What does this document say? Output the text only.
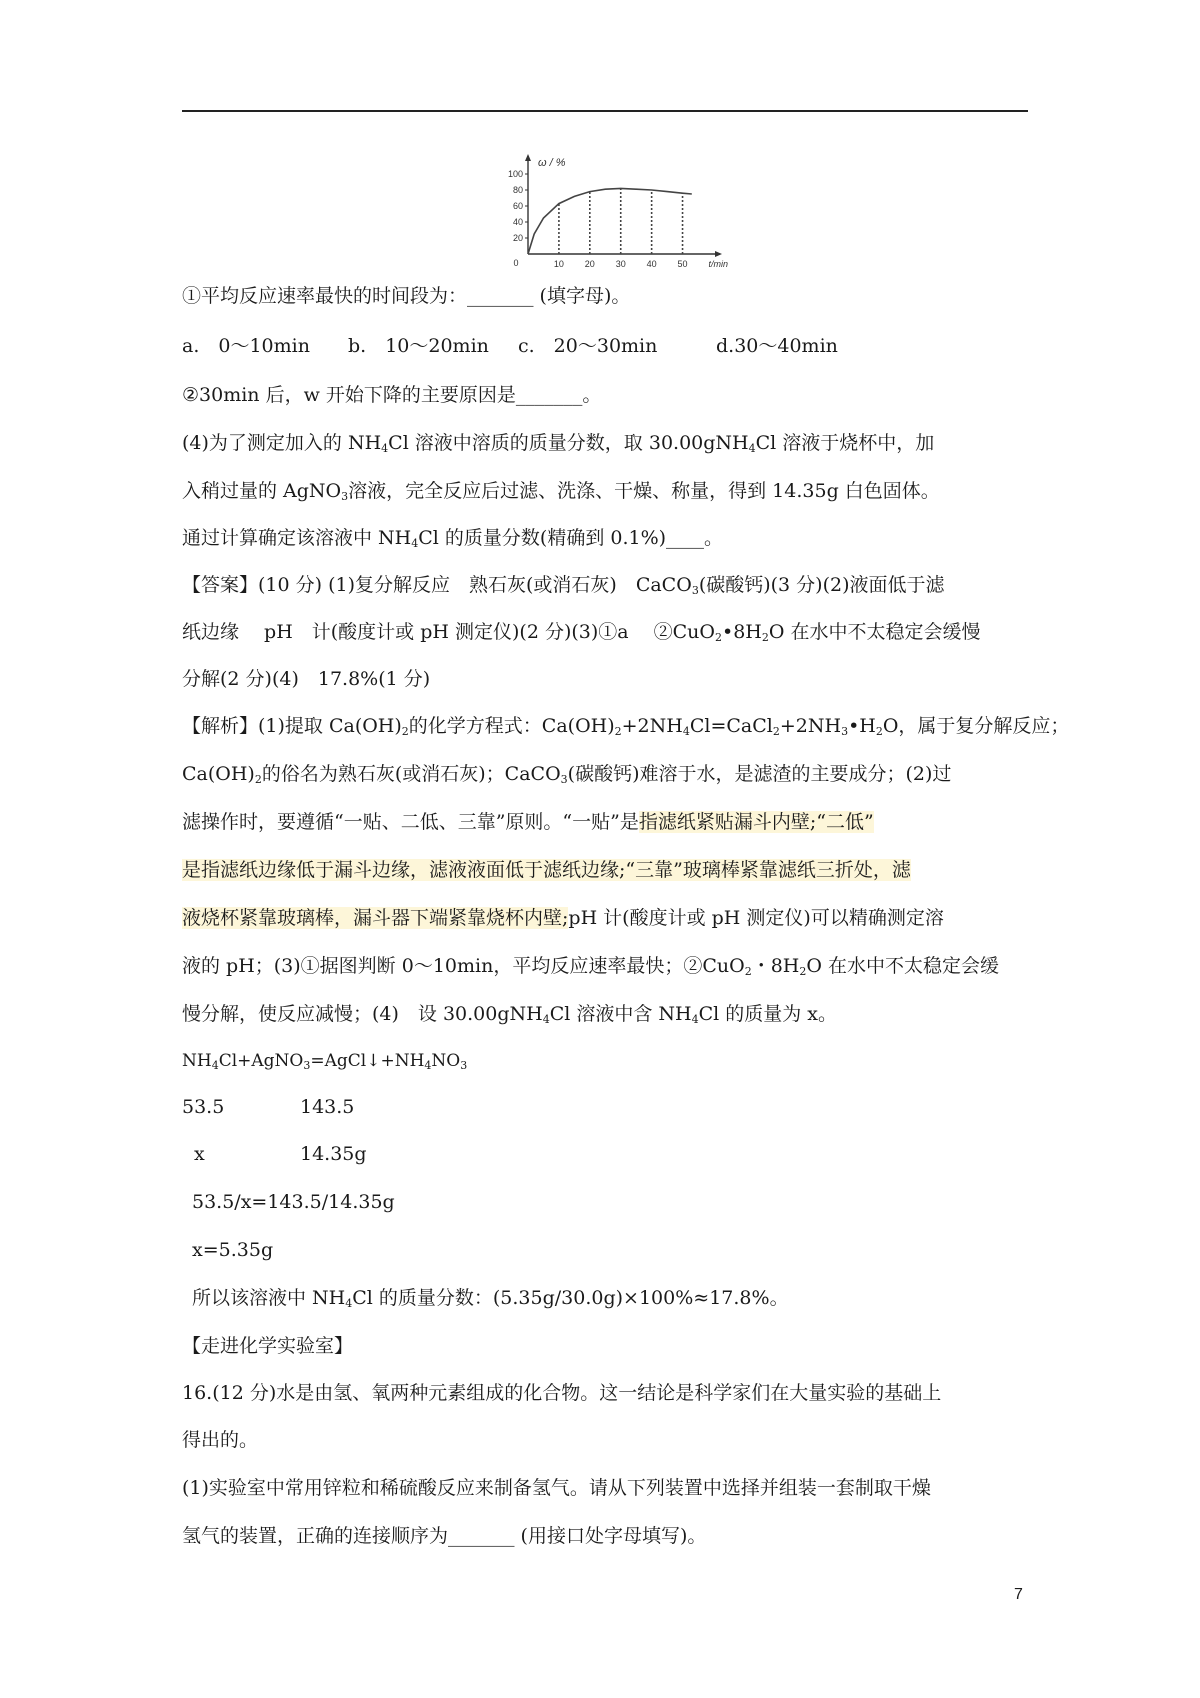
100
80
60
40
20
10 20 30 40 50
0
ω / %
t/min
①平均反应速率最快的时间段为：_______ (填字母)。
a.　0～10min b.　10～20min c.　20～30min	d.30～40min
②30min 后，w 开始下降的主要原因是_______。
(4)为了测定加入的 $NH_4Cl$ 溶液中溶质的质量分数，取 30.00gNH$_4$Cl 溶液于烧杯中，加
入稍过量的 AgNO$_3$溶液，完全反应后过滤、洗涤、干燥、称量，得到 14.35g 白色固体。
通过计算确定该溶液中 $NH_4Cl$ 的质量分数(精确到 0.1%)____。
【答案】(10 分) (1)复分解反应　熟石灰(或消石灰)　CaCO$_3$(碳酸钙)(3 分)(2)液面低于滤
纸边缘　 pH　计(酸度计或 pH 测定仪)(2 分)(3)①a　 $②CuO_2•8H_2O$ 在水中不太稳定会缓慢
分解(2 分)(4)　17.8%(1 分)
【解析】(1)提取 $Ca(OH)_2$的化学方程式：$Ca(OH)_2+2NH_4Cl=CaCl_2+2NH_3•H_2O$，属于复分解反应；
$Ca(OH)_2$的俗名为熟石灰(或消石灰)；CaCO$_3$(碳酸钙)难溶于水，是滤渣的主要成分；(2)过
滤操作时，要遵循“一贴、二低、三靠”原则。“一贴”是指滤纸紧贴漏斗内壁;“二低”
是指滤纸边缘低于漏斗边缘，滤液液面低于滤纸边缘;“三靠”玻璃棒紧靠滤纸三折处，滤
液烧杯紧靠玻璃棒，漏斗器下端紧靠烧杯内壁;pH 计(酸度计或 pH 测定仪)可以精确测定溶
液的 pH；(3)①据图判断 0～10min，平均反应速率最快；②CuO$_2$・$8H_2O$ 在水中不太稳定会缓
慢分解，使反应减慢；(4)　设 30.00gNH$_4$Cl 溶液中含 $NH_4Cl$ 的质量为 x。
$NH_4Cl+AgNO_3=AgCl↓+NH_4NO_3$
53.5	143.5
x	14.35g
53.5/x=143.5/14.35g
x=5.35g
所以该溶液中 $NH_4Cl$ 的质量分数：(5.35g/30.0g)×100%≈17.8%。
【走进化学实验室】
16.(12 分)水是由氢、氧两种元素组成的化合物。这一结论是科学家们在大量实验的基础上
得出的。
(1)实验室中常用锌粒和稀硫酸反应来制备氢气。请从下列装置中选择并组装一套制取干燥
氢气的装置，正确的连接顺序为_______ (用接口处字母填写)。
7
